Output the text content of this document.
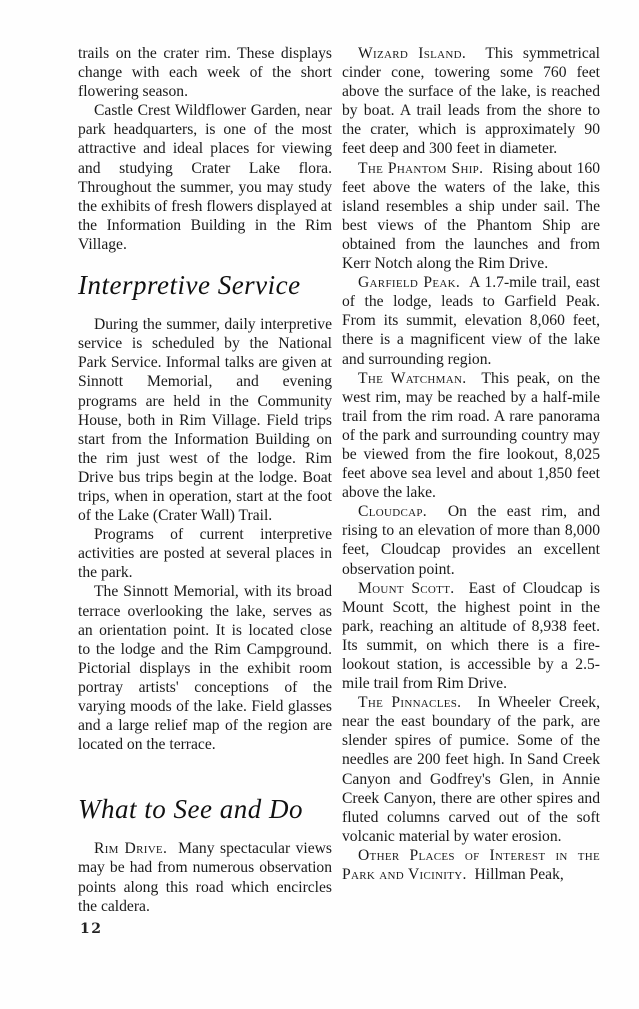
trails on the crater rim. These displays change with each week of the short flowering season.

Castle Crest Wildflower Garden, near park headquarters, is one of the most attractive and ideal places for viewing and studying Crater Lake flora. Throughout the summer, you may study the exhibits of fresh flowers displayed at the Information Building in the Rim Village.

Interpretive Service

During the summer, daily interpretive service is scheduled by the National Park Service. Informal talks are given at Sinnott Memorial, and evening programs are held in the Community House, both in Rim Village. Field trips start from the Information Building on the rim just west of the lodge. Rim Drive bus trips begin at the lodge. Boat trips, when in operation, start at the foot of the Lake (Crater Wall) Trail.

Programs of current interpretive activities are posted at several places in the park.

The Sinnott Memorial, with its broad terrace overlooking the lake, serves as an orientation point. It is located close to the lodge and the Rim Campground. Pictorial displays in the exhibit room portray artists' conceptions of the varying moods of the lake. Field glasses and a large relief map of the region are located on the terrace.

What to See and Do

Rim Drive. Many spectacular views may be had from numerous observation points along this road which encircles the caldera.

Wizard Island. This symmetrical cinder cone, towering some 760 feet above the surface of the lake, is reached by boat. A trail leads from the shore to the crater, which is approximately 90 feet deep and 300 feet in diameter.

The Phantom Ship. Rising about 160 feet above the waters of the lake, this island resembles a ship under sail. The best views of the Phantom Ship are obtained from the launches and from Kerr Notch along the Rim Drive.

Garfield Peak. A 1.7-mile trail, east of the lodge, leads to Garfield Peak. From its summit, elevation 8,060 feet, there is a magnificent view of the lake and surrounding region.

The Watchman. This peak, on the west rim, may be reached by a half-mile trail from the rim road. A rare panorama of the park and surrounding country may be viewed from the fire lookout, 8,025 feet above sea level and about 1,850 feet above the lake.

Cloudcap. On the east rim, and rising to an elevation of more than 8,000 feet, Cloudcap provides an excellent observation point.

Mount Scott. East of Cloudcap is Mount Scott, the highest point in the park, reaching an altitude of 8,938 feet. Its summit, on which there is a fire-lookout station, is accessible by a 2.5-mile trail from Rim Drive.

The Pinnacles. In Wheeler Creek, near the east boundary of the park, are slender spires of pumice. Some of the needles are 200 feet high. In Sand Creek Canyon and Godfrey's Glen, in Annie Creek Canyon, there are other spires and fluted columns carved out of the soft volcanic material by water erosion.

Other Places of Interest in the Park and Vicinity. Hillman Peak,

12
